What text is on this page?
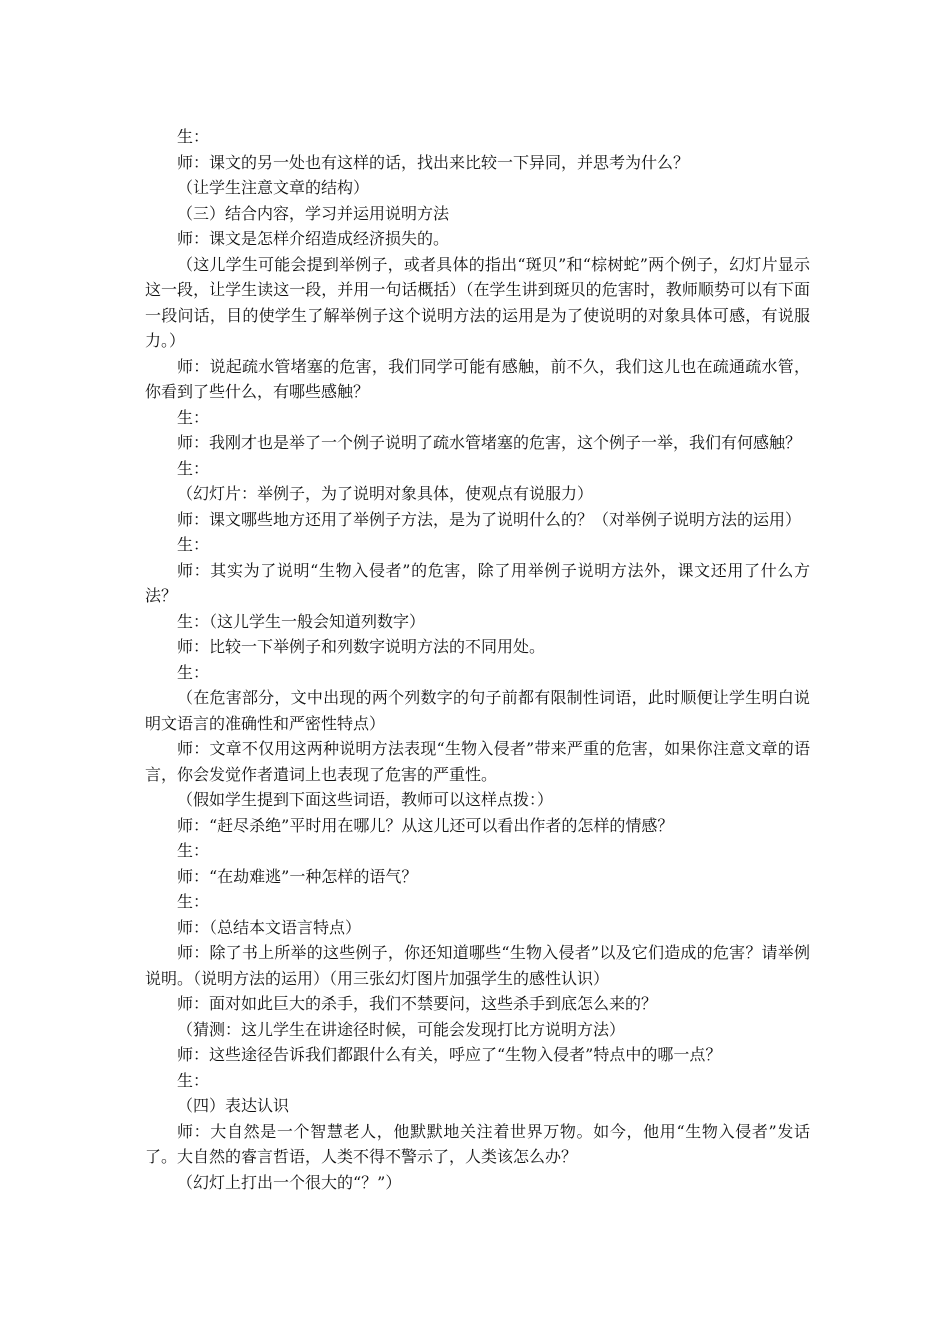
生：

师：课文的另一处也有这样的话，找出来比较一下异同，并思考为什么？

（让学生注意文章的结构）

（三）结合内容，学习并运用说明方法

师：课文是怎样介绍造成经济损失的。

（这儿学生可能会提到举例子，或者具体的指出“斑贝”和“棕树蛇”两个例子，幻灯片显示这一段，让学生读这一段，并用一句话概括）（在学生讲到斑贝的危害时，教师顺势可以有下面一段问话，目的使学生了解举例子这个说明方法的运用是为了使说明的对象具体可感，有说服力。）

师：说起疏水管堵塞的危害，我们同学可能有感触，前不久，我们这儿也在疏通疏水管，你看到了些什么，有哪些感触？

生：

师：我刚才也是举了一个例子说明了疏水管堵塞的危害，这个例子一举，我们有何感触？

生：

（幻灯片：举例子，为了说明对象具体，使观点有说服力）

师：课文哪些地方还用了举例子方法，是为了说明什么的？（对举例子说明方法的运用）

生：

师：其实为了说明“生物入侵者”的危害，除了用举例子说明方法外，课文还用了什么方法？

生：（这儿学生一般会知道列数字）

师：比较一下举例子和列数字说明方法的不同用处。

生：

（在危害部分，文中出现的两个列数字的句子前都有限制性词语，此时顺便让学生明白说明文语言的准确性和严密性特点）

师：文章不仅用这两种说明方法表现“生物入侵者”带来严重的危害，如果你注意文章的语言，你会发觉作者遣词上也表现了危害的严重性。

（假如学生提到下面这些词语，教师可以这样点拨：）

师：“赶尽杀绝”平时用在哪儿？从这儿还可以看出作者的怎样的情感？

生：

师：“在劫难逃”一种怎样的语气？

生：

师：（总结本文语言特点）

师：除了书上所举的这些例子，你还知道哪些“生物入侵者”以及它们造成的危害？请举例说明。（说明方法的运用）（用三张幻灯图片加强学生的感性认识）

师：面对如此巨大的杀手，我们不禁要问，这些杀手到底怎么来的？

（猜测：这儿学生在讲途径时候，可能会发现打比方说明方法）

师：这些途径告诉我们都跟什么有关，呼应了“生物入侵者”特点中的哪一点？

生：

（四）表达认识

师：大自然是一个智慧老人，他默默地关注着世界万物。如今，他用“生物入侵者”发话了。大自然的睿言哲语，人类不得不警示了，人类该怎么办？

（幻灯上打出一个很大的“？”）
